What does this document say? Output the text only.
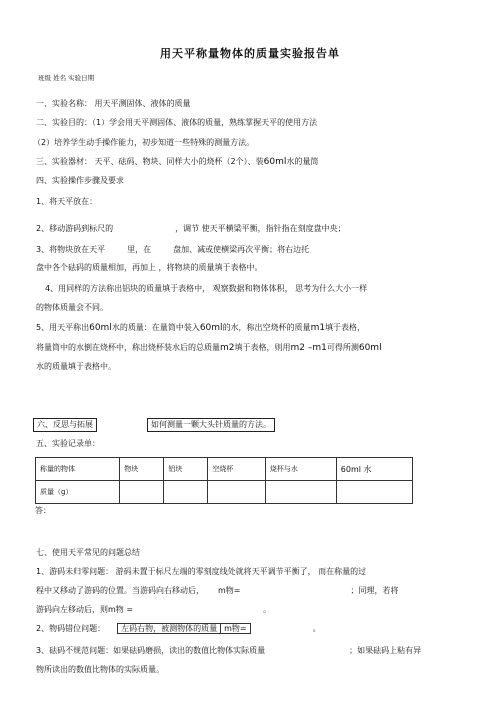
用天平称量物体的质量实验报告单
班级 姓名 实验日期
一、实验名称： 用天平测固体、液体的质量
二、实验目的：（1）学会用天平测固体、液体的质量，熟练掌握天平的使用方法
（2）培养学生动手操作能力，初步知道一些特殊的测量方法。
三、实验器材： 天平、砝码、物块、同样大小的烧杯（2个）、装60ml水的量筒
四、实验操作步骤及要求
1、将天平放在：
2、移动游码到标尺的	，调节 使天平横梁平衡，指针指在刻度盘中央；
3、将物块放在天平	里，在	盘加、减或使横梁再次平衡；将右边托
盘中各个砝码的质量相加，再加上 ，将物块的质量填于表格中。
4、用同样的方法称出铝块的质量填于表格中， 观察数据和物体体积， 思考为什么大小一样
的物体质量会不同。
5、用天平称出60ml水的质量：在量筒中装入60ml的水，称出空烧杯的质量m1填于表格，
将量筒中的水倒在烧杯中，称出烧杯装水后的总质量m2填于表格，则用m2 –m1可得所测60ml
水的质量填于表格中。
六、反思与拓展	如何测量一颗大头针质量的方法。
五、实验记录单：
称量的物体	物块	铝块	空烧杯	烧杯与水	60ml 水
质量（g）					
答：
七、使用天平常见的问题总结
1、游码未归零问题： 游码未置于标尺左端的零刻度线处就将天平调节平衡了， 而在称量的过
程中又移动了游码的位置。当游码向右移动后， m物=	；同理，若将
游码向左移动后，则m物 =	。
2、物码错位问题： 左码右物，被测物体的质量 m物=	。
3、砝码不规范问题：如果砝码磨损，读出的数值比物体实际质量	；如果砝码上粘有异
物所读出的数值比物体的实际质量。
